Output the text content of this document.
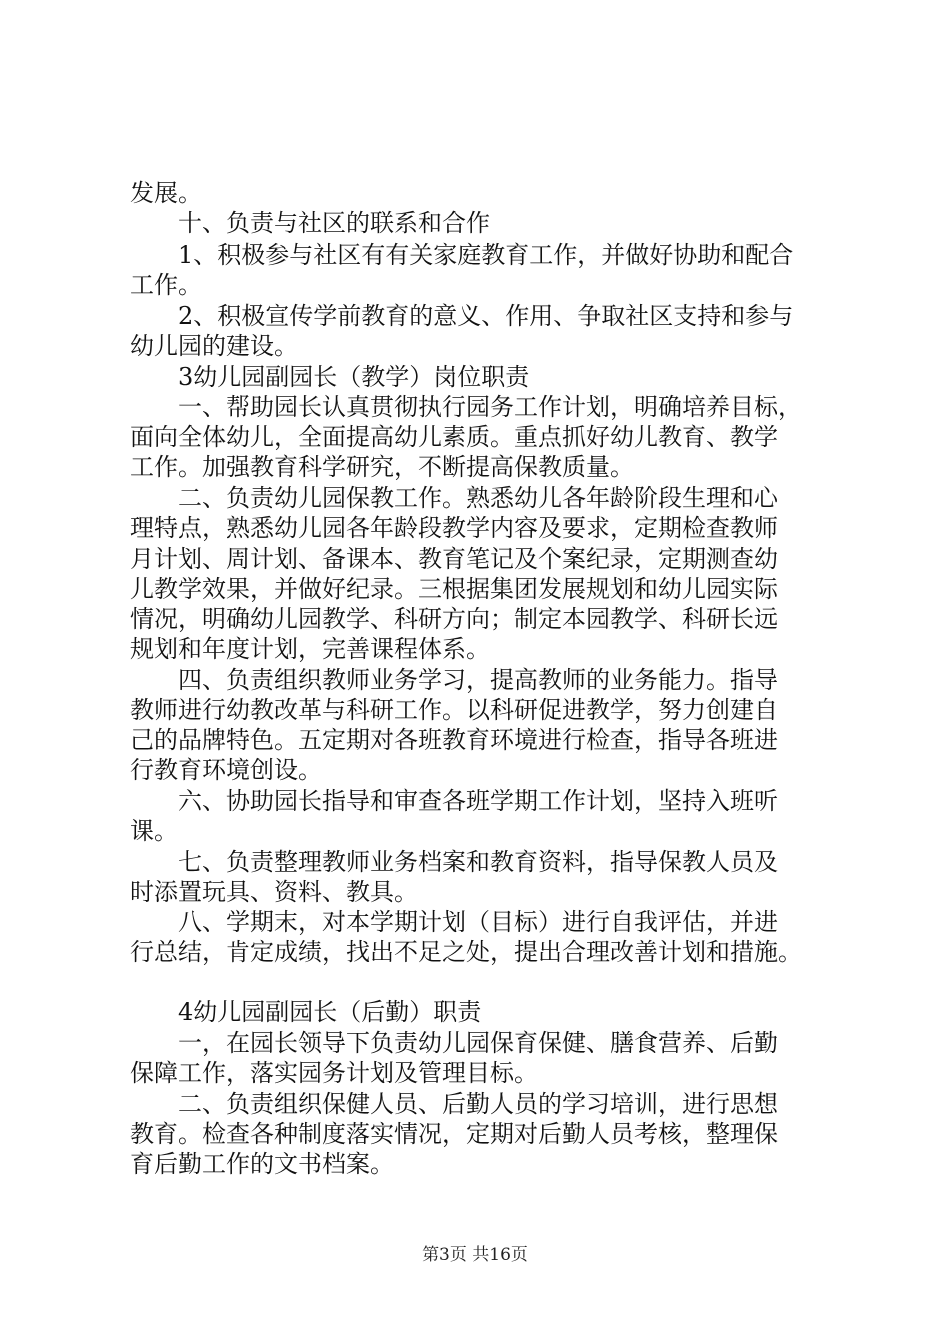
发展。
十、负责与社区的联系和合作
1、积极参与社区有有关家庭教育工作，并做好协助和配合
工作。
2、积极宣传学前教育的意义、作用、争取社区支持和参与
幼儿园的建设。
3幼儿园副园长（教学）岗位职责
一、帮助园长认真贯彻执行园务工作计划，明确培养目标，
面向全体幼儿，全面提高幼儿素质。重点抓好幼儿教育、教学
工作。加强教育科学研究，不断提高保教质量。
二、负责幼儿园保教工作。熟悉幼儿各年龄阶段生理和心
理特点，熟悉幼儿园各年龄段教学内容及要求，定期检查教师
月计划、周计划、备课本、教育笔记及个案纪录，定期测查幼
儿教学效果，并做好纪录。三根据集团发展规划和幼儿园实际
情况，明确幼儿园教学、科研方向；制定本园教学、科研长远
规划和年度计划，完善课程体系。
四、负责组织教师业务学习，提高教师的业务能力。指导
教师进行幼教改革与科研工作。以科研促进教学，努力创建自
己的品牌特色。五定期对各班教育环境进行检查，指导各班进
行教育环境创设。
六、协助园长指导和审查各班学期工作计划，坚持入班听
课。
七、负责整理教师业务档案和教育资料，指导保教人员及
时添置玩具、资料、教具。
八、学期末，对本学期计划（目标）进行自我评估，并进
行总结，肯定成绩，找出不足之处，提出合理改善计划和措施。
4幼儿园副园长（后勤）职责
一，在园长领导下负责幼儿园保育保健、膳食营养、后勤
保障工作，落实园务计划及管理目标。
二、负责组织保健人员、后勤人员的学习培训，进行思想
教育。检查各种制度落实情况，定期对后勤人员考核，整理保
育后勤工作的文书档案。
第3页 共16页
